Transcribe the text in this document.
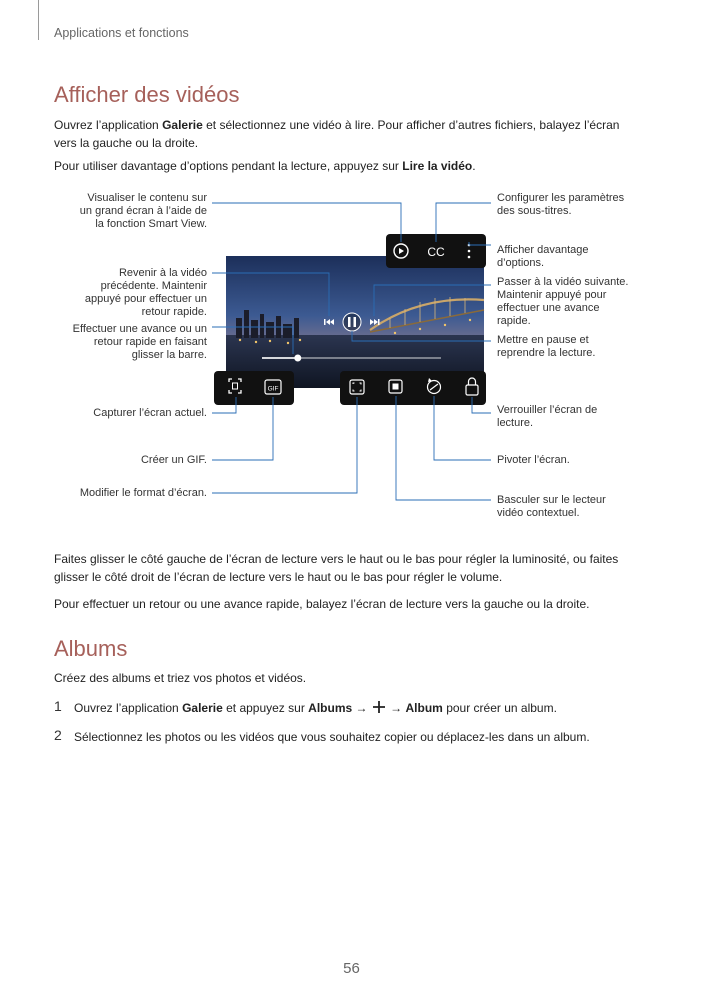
Applications et fonctions
Afficher des vidéos

Ouvrez l’application Galerie et sélectionnez une vidéo à lire. Pour afficher d’autres fichiers, balayez l’écran
vers la gauche ou la droite.

Pour utiliser davantage d’options pendant la lecture, appuyez sur Lire la vidéo.

CC
GIF
Visualiser le contenu sur
un grand écran à l’aide de
la fonction Smart View.
Revenir à la vidéo
précédente. Maintenir
appuyé pour effectuer un
retour rapide.
Effectuer une avance ou un
retour rapide en faisant
glisser la barre.
Capturer l’écran actuel.
Créer un GIF.
Modifier le format d’écran.
Configurer les paramètres
des sous-titres.
Afficher davantage
d’options.
Passer à la vidéo suivante.
Maintenir appuyé pour
effectuer une avance
rapide.
Mettre en pause et
reprendre la lecture.
Verrouiller l’écran de
lecture.
Pivoter l’écran.
Basculer sur le lecteur
vidéo contextuel.

Faites glisser le côté gauche de l’écran de lecture vers le haut ou le bas pour régler la luminosité, ou faites
glisser le côté droit de l’écran de lecture vers le haut ou le bas pour régler le volume.

Pour effectuer un retour ou une avance rapide, balayez l’écran de lecture vers la gauche ou la droite.

Albums

Créez des albums et triez vos photos et vidéos.

1 Ouvrez l’application Galerie et appuyez sur Albums →  → Album pour créer un album.

2 Sélectionnez les photos ou les vidéos que vous souhaitez copier ou déplacez-les dans un album.

56
